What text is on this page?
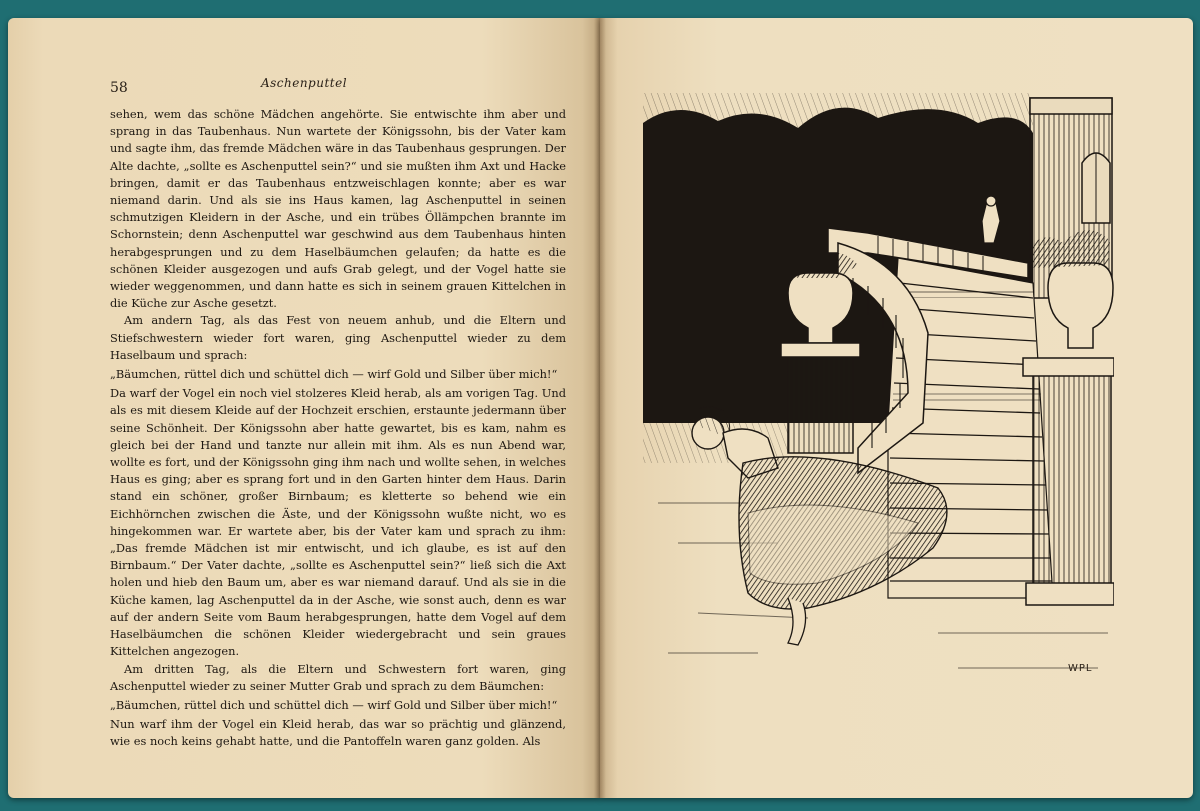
58	Aschenputtel

sehen, wem das schöne Mädchen angehörte. Sie entwischte ihm aber und sprang in das Taubenhaus. Nun wartete der Königssohn, bis der Vater kam und sagte ihm, das fremde Mädchen wäre in das Taubenhaus gesprungen. Der Alte dachte, „sollte es Aschenputtel sein?“ und sie mußten ihm Axt und Hacke bringen, damit er das Taubenhaus entzweischlagen konnte; aber es war niemand darin. Und als sie ins Haus kamen, lag Aschenputtel in seinen schmutzigen Kleidern in der Asche, und ein trübes Öllämpchen brannte im Schornstein; denn Aschenputtel war geschwind aus dem Taubenhaus hinten herabgesprungen und zu dem Haselbäumchen gelaufen; da hatte es die schönen Kleider ausgezogen und aufs Grab gelegt, und der Vogel hatte sie wieder weggenommen, und dann hatte es sich in seinem grauen Kittelchen in die Küche zur Asche gesetzt.

Am andern Tag, als das Fest von neuem anhub, und die Eltern und Stiefschwestern wieder fort waren, ging Aschenputtel wieder zu dem Haselbaum und sprach:

„Bäumchen, rüttel dich und schüttel dich — wirf Gold und Silber über mich!“

Da warf der Vogel ein noch viel stolzeres Kleid herab, als am vorigen Tag. Und als es mit diesem Kleide auf der Hochzeit erschien, erstaunte jedermann über seine Schönheit. Der Königssohn aber hatte gewartet, bis es kam, nahm es gleich bei der Hand und tanzte nur allein mit ihm. Als es nun Abend war, wollte es fort, und der Königssohn ging ihm nach und wollte sehen, in welches Haus es ging; aber es sprang fort und in den Garten hinter dem Haus. Darin stand ein schöner, großer Birnbaum; es kletterte so behend wie ein Eichhörnchen zwischen die Äste, und der Königssohn wußte nicht, wo es hingekommen war. Er wartete aber, bis der Vater kam und sprach zu ihm: „Das fremde Mädchen ist mir entwischt, und ich glaube, es ist auf den Birnbaum.“ Der Vater dachte, „sollte es Aschenputtel sein?“ ließ sich die Axt holen und hieb den Baum um, aber es war niemand darauf. Und als sie in die Küche kamen, lag Aschenputtel da in der Asche, wie sonst auch, denn es war auf der andern Seite vom Baum herabgesprungen, hatte dem Vogel auf dem Haselbäumchen die schönen Kleider wiedergebracht und sein graues Kittelchen angezogen.

Am dritten Tag, als die Eltern und Schwestern fort waren, ging Aschenputtel wieder zu seiner Mutter Grab und sprach zu dem Bäumchen:

„Bäumchen, rüttel dich und schüttel dich — wirf Gold und Silber über mich!“

Nun warf ihm der Vogel ein Kleid herab, das war so prächtig und glänzend, wie es noch keins gehabt hatte, und die Pantoffeln waren ganz golden. Als

WPL
